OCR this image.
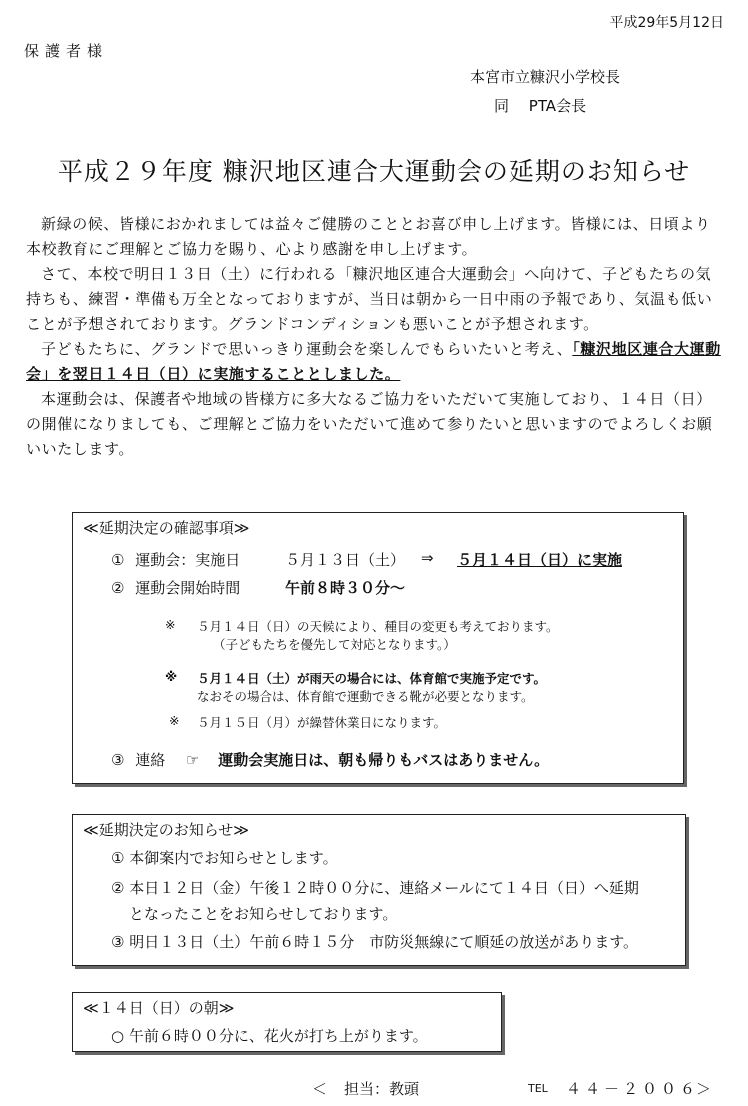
平成29年5月12日
保護者様
本宮市立糠沢小学校長
同　 PTA会長
平成２９年度 糠沢地区連合大運動会の延期のお知らせ

新緑の候、皆様におかれましては益々ご健勝のこととお喜び申し上げます。皆様には、日頃より本校教育にご理解とご協力を賜り、心より感謝を申し上げます。

さて、本校で明日１３日（土）に行われる「糠沢地区連合大運動会」へ向けて、子どもたちの気持ちも、練習・準備も万全となっておりますが、当日は朝から一日中雨の予報であり、気温も低いことが予想されております。グランドコンディションも悪いことが予想されます。

子どもたちに、グランドで思いっきり運動会を楽しんでもらいたいと考え、「糠沢地区連合大運動会」を翌日１４日（日）に実施することとしました。

本運動会は、保護者や地域の皆様方に多大なるご協力をいただいて実施しており、１４日（日）の開催になりましても、ご理解とご協力をいただいて進めて参りたいと思いますのでよろしくお願いいたします。

≪延期決定の確認事項≫
① 運動会：実施日	５月１３日（土） ⇒ ５月１４日（日）に実施
② 運動会開始時間	午前８時３０分～
※ ５月１４日（日）の天候により、種目の変更も考えております。
（子どもたちを優先して対応となります。）
※ ５月１４日（土）が雨天の場合には、体育館で実施予定です。
なおその場合は、体育館で運動できる靴が必要となります。
※ ５月１５日（月）が繰替休業日になります。
③ 連絡 ☞ 運動会実施日は、朝も帰りもバスはありません。
≪延期決定のお知らせ≫
① 本御案内でお知らせとします。
② 本日１２日（金）午後１２時００分に、連絡メールにて１４日（日）へ延期
となったことをお知らせしております。
③ 明日１３日（土）午前６時１５分　市防災無線にて順延の放送があります。
≪１４日（日）の朝≫
○ 午前６時００分に、花火が打ち上がります。
＜ 担当：教頭	TEL ４４－２００６
＞
